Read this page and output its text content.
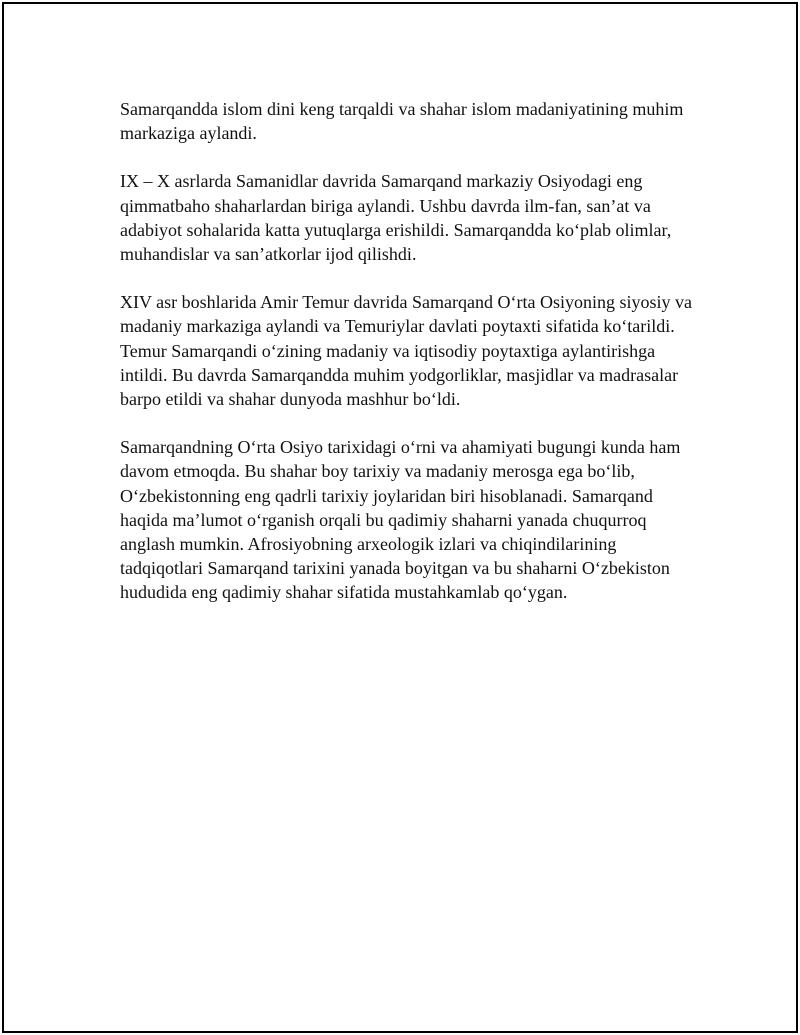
Samarqandda islom dini keng tarqaldi va shahar islom madaniyatining muhim markaziga aylandi.

IX – X asrlarda Samanidlar davrida Samarqand markaziy Osiyodagi eng qimmatbaho shaharlardan biriga aylandi. Ushbu davrda ilm-fan, san’at va adabiyot sohalarida katta yutuqlarga erishildi. Samarqandda ko‘plab olimlar, muhandislar va san’atkorlar ijod qilishdi.

XIV asr boshlarida Amir Temur davrida Samarqand O‘rta Osiyoning siyosiy va madaniy markaziga aylandi va Temuriylar davlati poytaxti sifatida ko‘tarildi. Temur Samarqandi o‘zining madaniy va iqtisodiy poytaxtiga aylantirishga intildi. Bu davrda Samarqandda muhim yodgorliklar, masjidlar va madrasalar barpo etildi va shahar dunyoda mashhur bo‘ldi.

Samarqandning O‘rta Osiyo tarixidagi o‘rni va ahamiyati bugungi kunda ham davom etmoqda. Bu shahar boy tarixiy va madaniy merosga ega bo‘lib, O‘zbekistonning eng qadrli tarixiy joylaridan biri hisoblanadi. Samarqand haqida ma’lumot o‘rganish orqali bu qadimiy shaharni yanada chuqurroq anglash mumkin. Afrosiyobning arxeologik izlari va chiqindilarining tadqiqotlari Samarqand tarixini yanada boyitgan va bu shaharni O‘zbekiston hududida eng qadimiy shahar sifatida mustahkamlab qo‘ygan.
